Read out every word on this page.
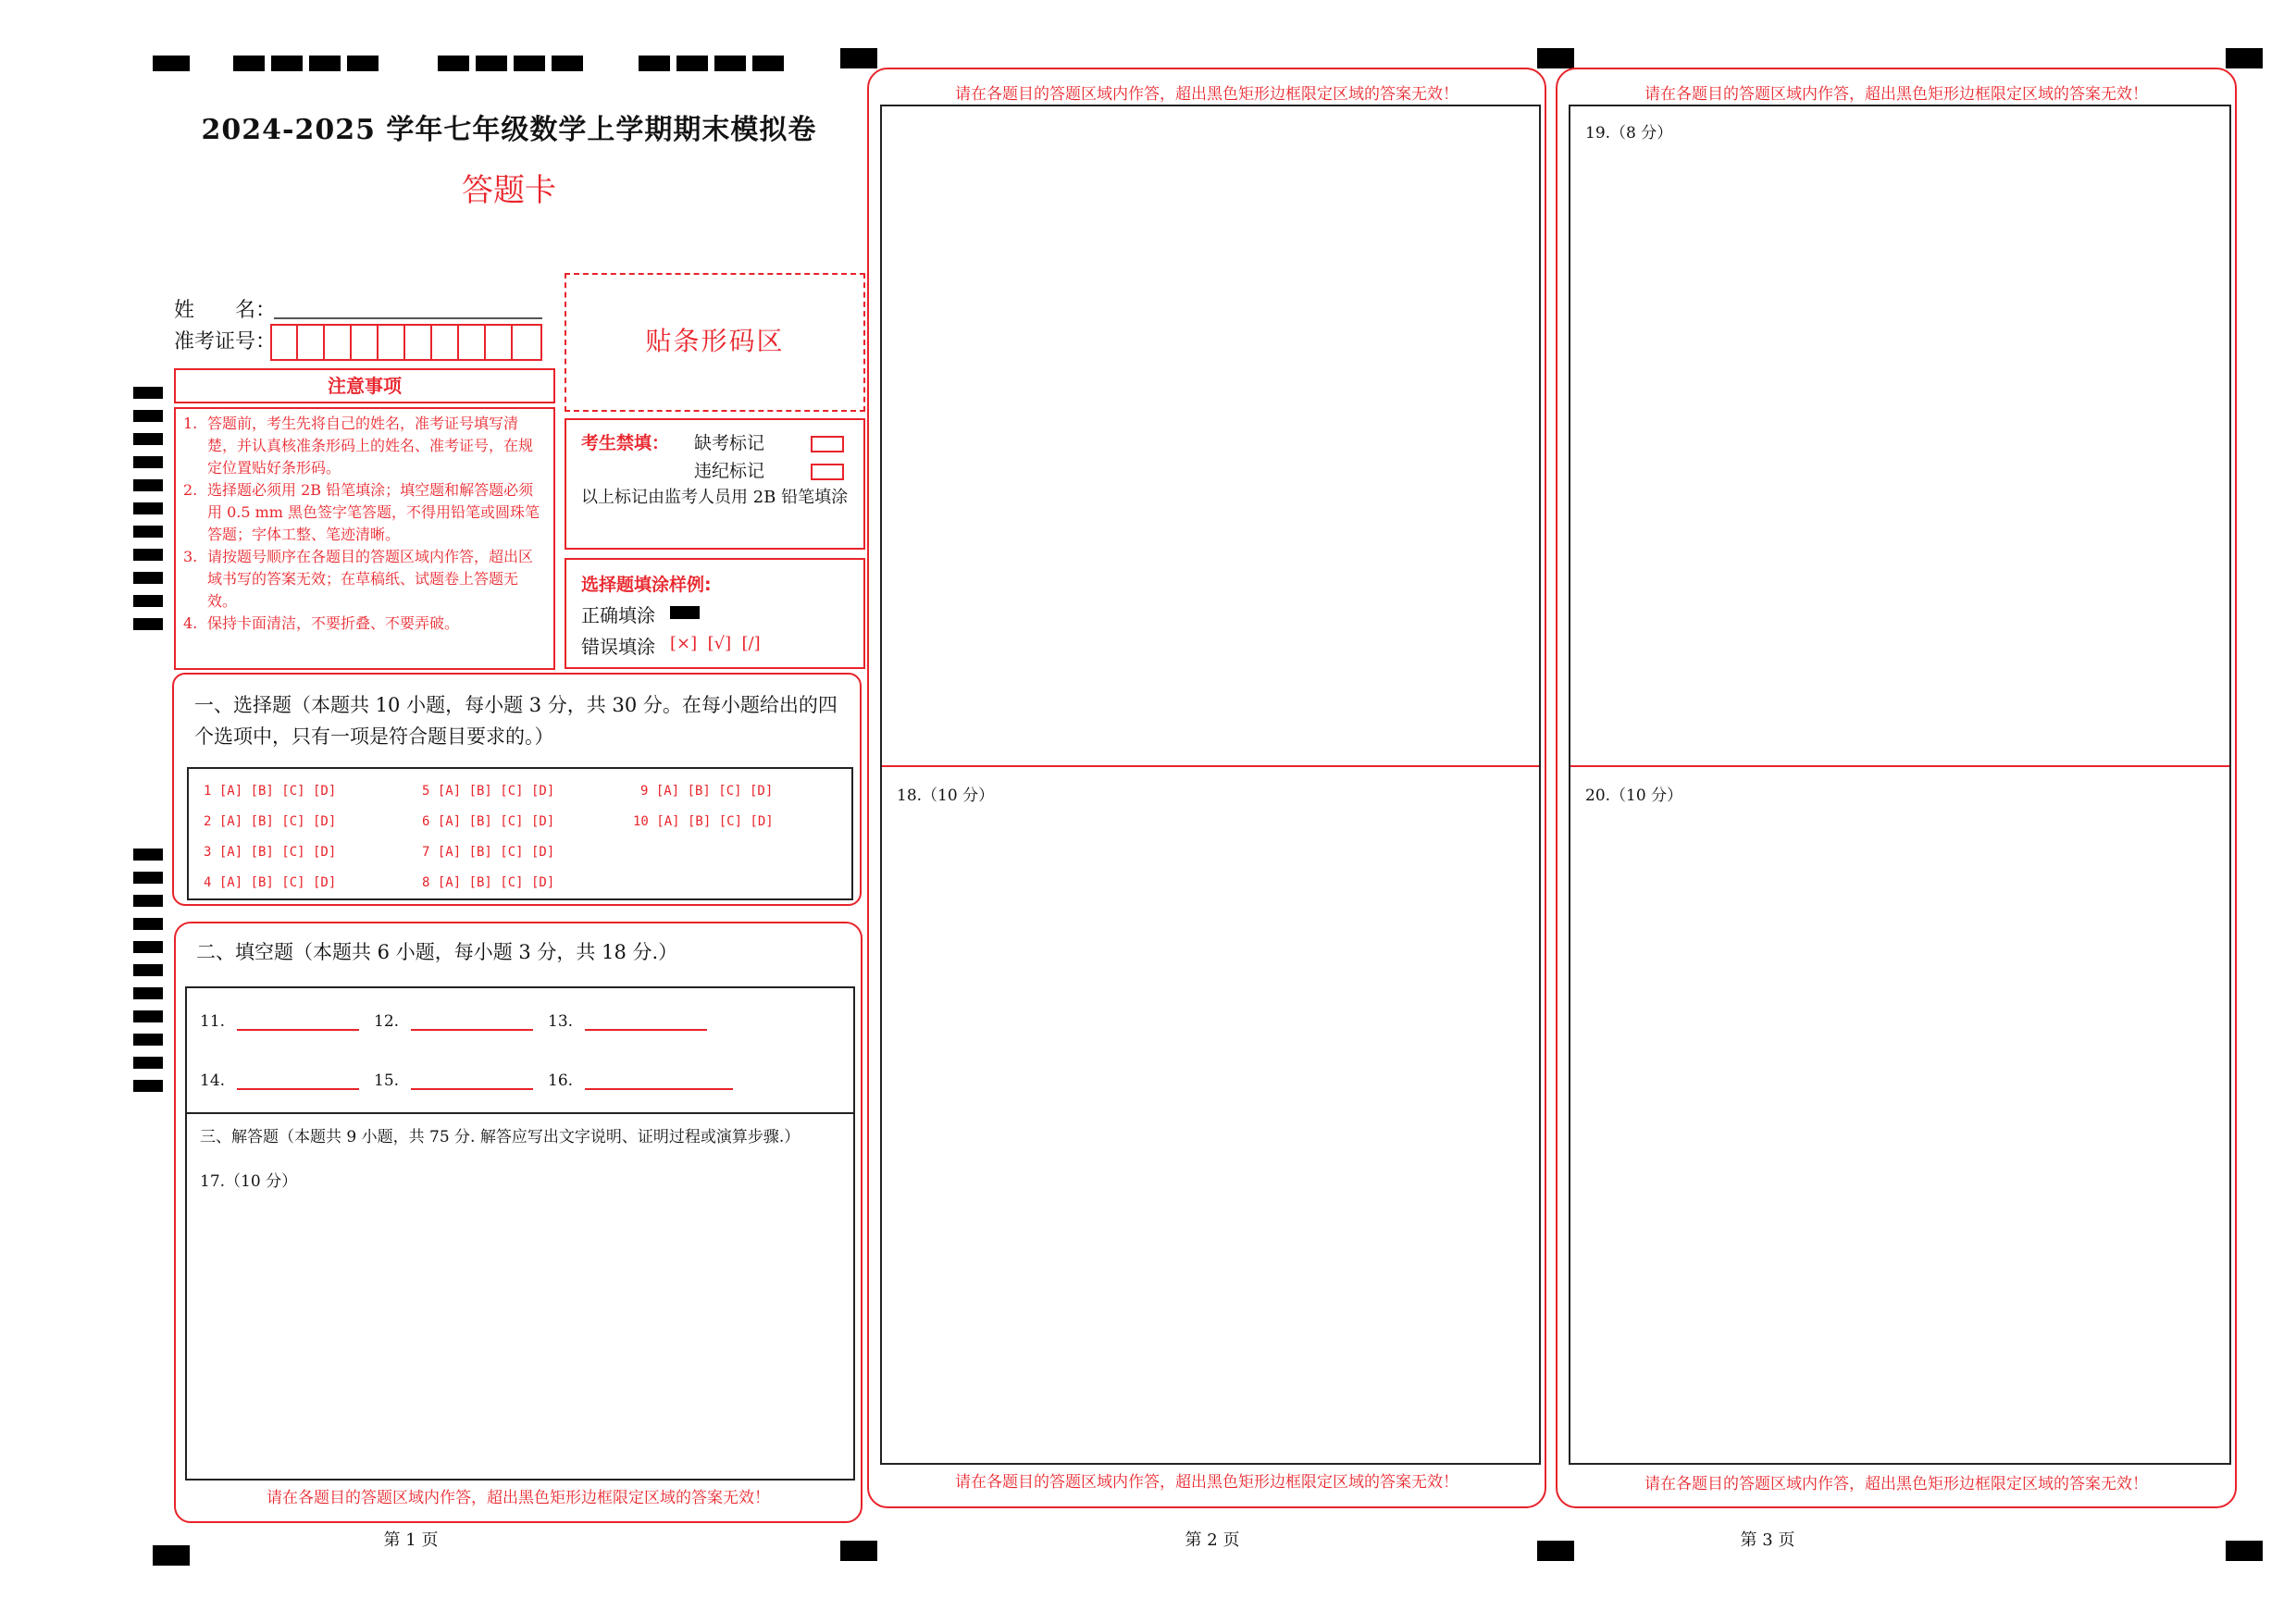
2024-2025 学年七年级数学上学期期末模拟卷
答题卡
姓　　名：
准考证号：	贴条形码区
注意事项
1. 答题前，考生先将自己的姓名，准考证号填写清楚，并认真核准条形码上的姓名、准考证号，在规定位置贴好条形码。
2. 选择题必须用 2B 铅笔填涂；填空题和解答题必须用 0.5 mm 黑色签字笔答题，不得用铅笔或圆珠笔答题；字体工整、笔迹清晰。
3. 请按题号顺序在各题目的答题区域内作答，超出区域书写的答案无效；在草稿纸、试题卷上答题无效。
4. 保持卡面清洁，不要折叠、不要弄破。
考生禁填： 缺考标记
违纪标记
以上标记由监考人员用 2B 铅笔填涂
选择题填涂样例:
正确填涂
错误填涂 [×]  [√]  [/]
一、选择题（本题共 10 小题，每小题 3 分，共 30 分。在每小题给出的四个选项中，只有一项是符合题目要求的。）
1 [A] [B] [C] [D]
2 [A] [B] [C] [D]
3 [A] [B] [C] [D]
4 [A] [B] [C] [D]
5 [A] [B] [C] [D]
6 [A] [B] [C] [D]
7 [A] [B] [C] [D]
8 [A] [B] [C] [D]
9 [A] [B] [C] [D]
10 [A] [B] [C] [D]
二、填空题（本题共 6 小题，每小题 3 分，共 18 分.）
11.	12.	13.
14.	15.	16.
三、解答题（本题共 9 小题，共 75 分. 解答应写出文字说明、证明过程或演算步骤.）
17.（10 分）
请在各题目的答题区域内作答，超出黑色矩形边框限定区域的答案无效！
第 1 页
请在各题目的答题区域内作答，超出黑色矩形边框限定区域的答案无效！
18.（10 分）
请在各题目的答题区域内作答，超出黑色矩形边框限定区域的答案无效！
第 2 页
请在各题目的答题区域内作答，超出黑色矩形边框限定区域的答案无效！
19.（8 分）
20.（10 分）
请在各题目的答题区域内作答，超出黑色矩形边框限定区域的答案无效！
第 3 页
